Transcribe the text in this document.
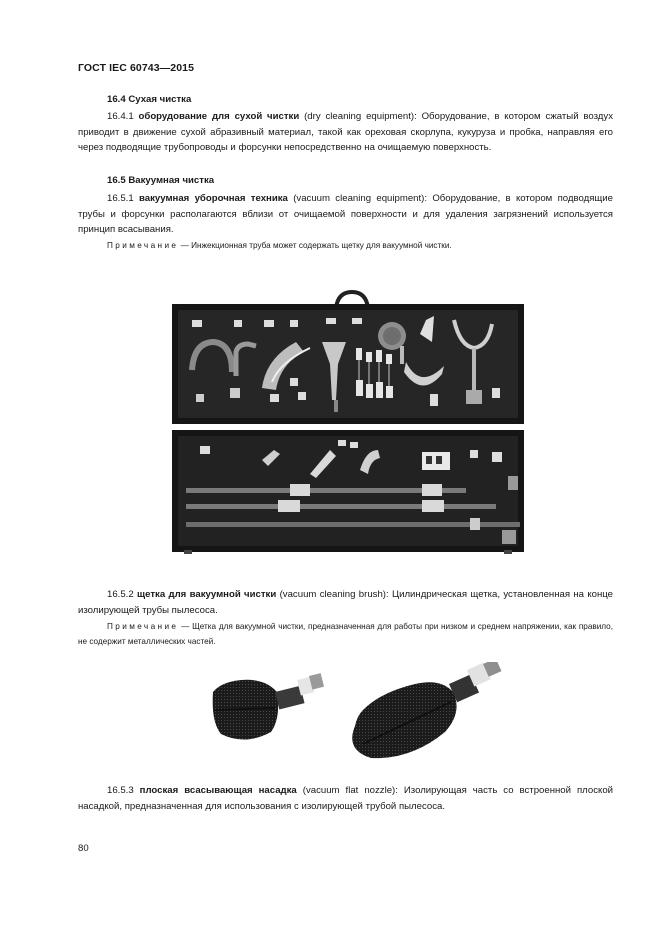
ГОСТ IEC 60743—2015
16.4 Сухая чистка

16.4.1 оборудование для сухой чистки (dry cleaning equipment): Оборудование, в котором сжатый воздух приводит в движение сухой абразивный материал, такой как ореховая скорлупа, кукуруза и пробка, направляя его через подводящие трубопроводы и форсунки непосредственно на очищаемую поверхность.

16.5 Вакуумная чистка

16.5.1 вакуумная уборочная техника (vacuum cleaning equipment): Оборудование, в котором подводящие трубы и форсунки располагаются вблизи от очищаемой поверхности и для удаления загрязнений используется принцип всасывания.

Примечание — Инжекционная труба может содержать щетку для вакуумной чистки.

16.5.2 щетка для вакуумной чистки (vacuum cleaning brush): Цилиндрическая щетка, установленная на конце изолирующей трубы пылесоса.

Примечание — Щетка для вакуумной чистки, предназначенная для работы при низком и среднем напряжении, как правило, не содержит металлических частей.

16.5.3 плоская всасывающая насадка (vacuum flat nozzle): Изолирующая часть со встроенной плоской насадкой, предназначенная для использования с изолирующей трубой пылесоса.

80
